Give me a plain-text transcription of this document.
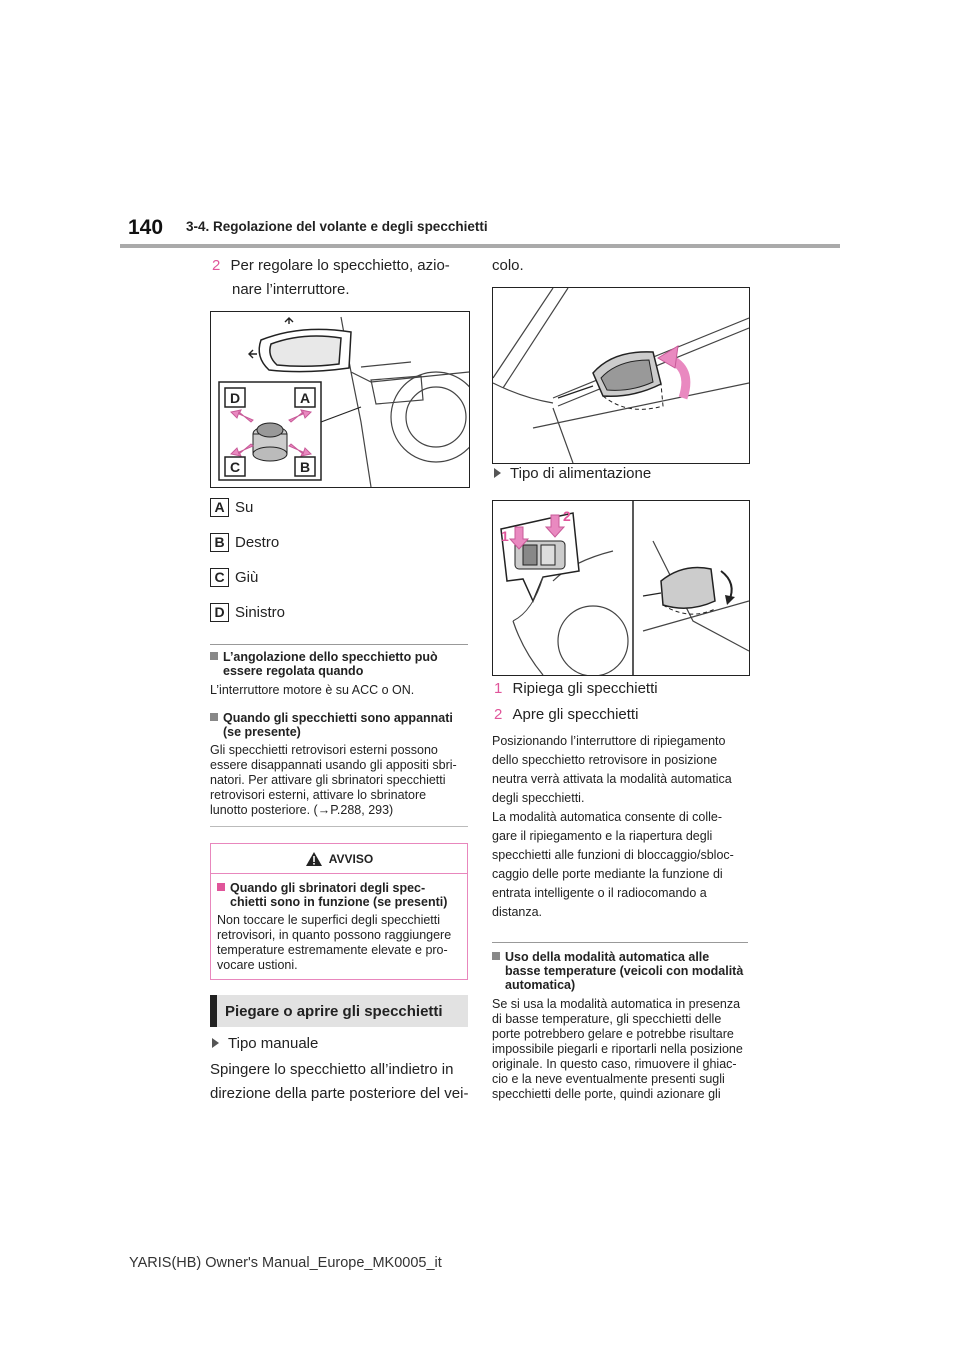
140 3-4. Regolazione del volante e degli specchietti
2 Per regolare lo specchietto, azio-
nare l’interruttore.
D	A
C	B
A Su
B Destro
C Giù
D Sinistro
L’angolazione dello specchietto può
essere regolata quando
L’interruttore motore è su ACC o ON.
Quando gli specchietti sono appannati
(se presente)
Gli specchietti retrovisori esterni possono
essere disappannati usando gli appositi sbri-
natori. Per attivare gli sbrinatori specchietti
retrovisori esterni, attivare lo sbrinatore
lunotto posteriore. (→P.288, 293)
AVVISO
Quando gli sbrinatori degli spec-
chietti sono in funzione (se presenti)
Non toccare le superfici degli specchietti
retrovisori, in quanto possono raggiungere
temperature estremamente elevate e pro-
vocare ustioni.
Piegare o aprire gli specchietti
Tipo manuale
Spingere lo specchietto all’indietro in
direzione della parte posteriore del vei-
colo.
Tipo di alimentazione
1
2
1 Ripiega gli specchietti
2 Apre gli specchietti
Posizionando l’interruttore di ripiegamento
dello specchietto retrovisore in posizione
neutra verrà attivata la modalità automatica
degli specchietti.
La modalità automatica consente di colle-
gare il ripiegamento e la riapertura degli
specchietti alle funzioni di bloccaggio/sbloc-
caggio delle porte mediante la funzione di
entrata intelligente o il radiocomando a
distanza.
Uso della modalità automatica alle
basse temperature (veicoli con modalità
automatica)
Se si usa la modalità automatica in presenza
di basse temperature, gli specchietti delle
porte potrebbero gelare e potrebbe risultare
impossibile piegarli e riportarli nella posizione
originale. In questo caso, rimuovere il ghiac-
cio e la neve eventualmente presenti sugli
specchietti delle porte, quindi azionare gli
YARIS(HB) Owner's Manual_Europe_MK0005_it
